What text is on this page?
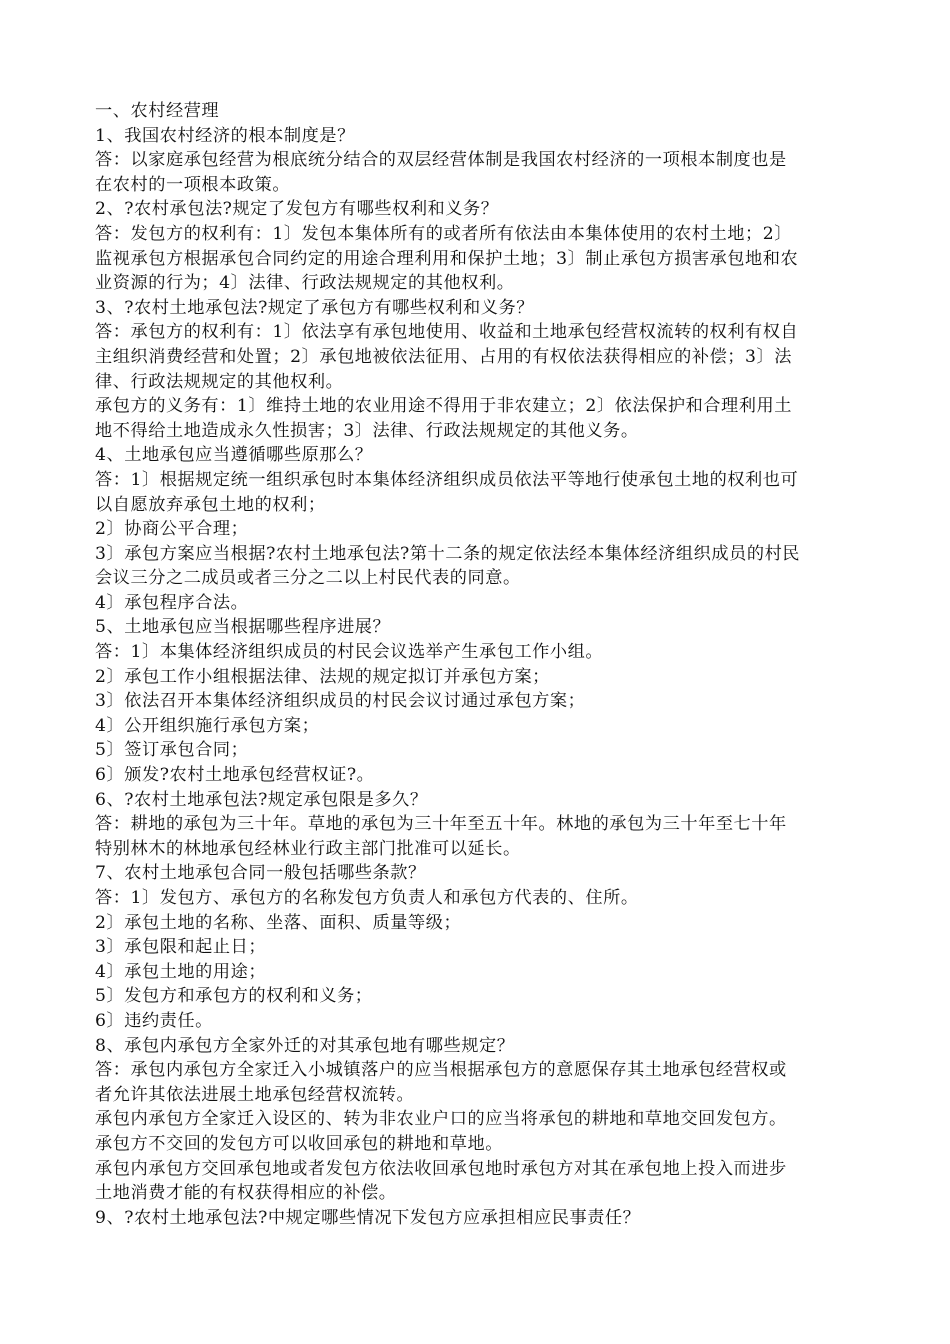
一、农村经营理
1、我国农村经济的根本制度是？
答：以家庭承包经营为根底统分结合的双层经营体制是我国农村经济的一项根本制度也是
在农村的一项根本政策。
2、?农村承包法?规定了发包方有哪些权利和义务？
答：发包方的权利有：1〕发包本集体所有的或者所有依法由本集体使用的农村土地；2〕
监视承包方根据承包合同约定的用途合理利用和保护土地；3〕制止承包方损害承包地和农
业资源的行为；4〕法律、行政法规规定的其他权利。
3、?农村土地承包法?规定了承包方有哪些权利和义务？
答：承包方的权利有：1〕依法享有承包地使用、收益和土地承包经营权流转的权利有权自
主组织消费经营和处置；2〕承包地被依法征用、占用的有权依法获得相应的补偿；3〕法
律、行政法规规定的其他权利。
承包方的义务有：1〕维持土地的农业用途不得用于非农建立；2〕依法保护和合理利用土
地不得给土地造成永久性损害；3〕法律、行政法规规定的其他义务。
4、土地承包应当遵循哪些原那么？
答：1〕根据规定统一组织承包时本集体经济组织成员依法平等地行使承包土地的权利也可
以自愿放弃承包土地的权利；
2〕协商公平合理；
3〕承包方案应当根据?农村土地承包法?第十二条的规定依法经本集体经济组织成员的村民
会议三分之二成员或者三分之二以上村民代表的同意。
4〕承包程序合法。
5、土地承包应当根据哪些程序进展？
答：1〕本集体经济组织成员的村民会议选举产生承包工作小组。
2〕承包工作小组根据法律、法规的规定拟订并承包方案；
3〕依法召开本集体经济组织成员的村民会议讨通过承包方案；
4〕公开组织施行承包方案；
5〕签订承包合同；
6〕颁发?农村土地承包经营权证?。
6、?农村土地承包法?规定承包限是多久？
答：耕地的承包为三十年。草地的承包为三十年至五十年。林地的承包为三十年至七十年
特别林木的林地承包经林业行政主部门批准可以延长。
7、农村土地承包合同一般包括哪些条款？
答：1〕发包方、承包方的名称发包方负责人和承包方代表的、住所。
2〕承包土地的名称、坐落、面积、质量等级；
3〕承包限和起止日；
4〕承包土地的用途；
5〕发包方和承包方的权利和义务；
6〕违约责任。
8、承包内承包方全家外迁的对其承包地有哪些规定？
答：承包内承包方全家迁入小城镇落户的应当根据承包方的意愿保存其土地承包经营权或
者允许其依法进展土地承包经营权流转。
承包内承包方全家迁入设区的、转为非农业户口的应当将承包的耕地和草地交回发包方。
承包方不交回的发包方可以收回承包的耕地和草地。
承包内承包方交回承包地或者发包方依法收回承包地时承包方对其在承包地上投入而进步
土地消费才能的有权获得相应的补偿。
9、?农村土地承包法?中规定哪些情况下发包方应承担相应民事责任？
